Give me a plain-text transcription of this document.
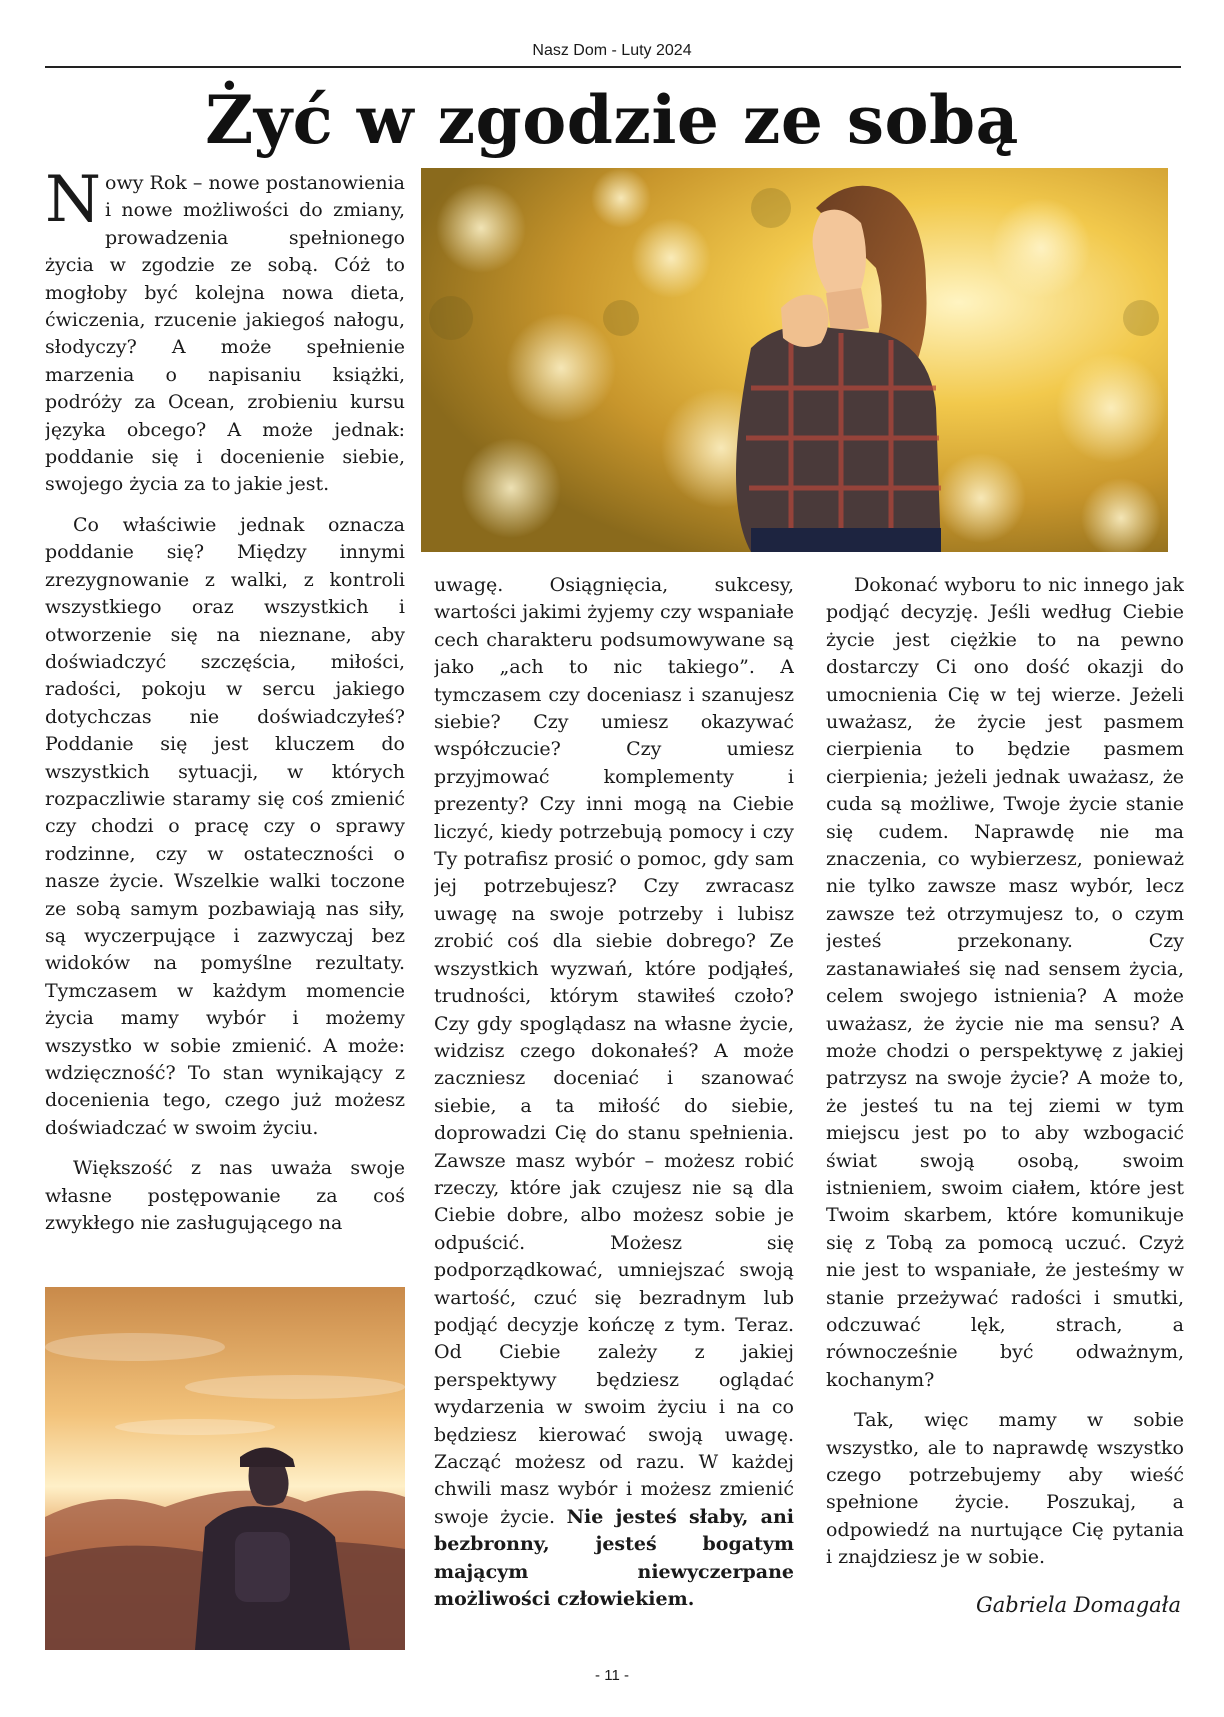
Nasz Dom - Luty 2024
Żyć w zgodzie ze sobą

Nowy Rok – nowe postanowienia i nowe możliwości do zmiany, prowadzenia spełnionego życia w zgodzie ze sobą. Cóż to mogłoby być kolejna nowa dieta, ćwiczenia, rzucenie jakiegoś nałogu, słodyczy? A może spełnienie marzenia o napisaniu książki, podróży za Ocean, zrobieniu kursu języka obcego? A może jednak: poddanie się i docenienie siebie, swojego życia za to jakie jest.

Co właściwie jednak oznacza poddanie się? Między innymi zrezygnowanie z walki, z kontroli wszystkiego oraz wszystkich i otworzenie się na nieznane, aby doświadczyć szczęścia, miłości, radości, pokoju w sercu jakiego dotychczas nie doświadczyłeś? Poddanie się jest kluczem do wszystkich sytuacji, w których rozpaczliwie staramy się coś zmienić czy chodzi o pracę czy o sprawy rodzinne, czy w ostateczności o nasze życie. Wszelkie walki toczone ze sobą samym pozbawiają nas siły, są wyczerpujące i zazwyczaj bez widoków na pomyślne rezultaty. Tymczasem w każdym momencie życia mamy wybór i możemy wszystko w sobie zmienić. A może: wdzięczność? To stan wynikający z docenienia tego, czego już możesz doświadczać w swoim życiu.

Większość z nas uważa swoje własne postępowanie za coś zwykłego nie zasługującego na

uwagę. Osiągnięcia, sukcesy, wartości jakimi żyjemy czy wspaniałe cech charakteru podsumowywane są jako „ach to nic takiego”. A tymczasem czy doceniasz i szanujesz siebie? Czy umiesz okazywać współczucie? Czy umiesz przyjmować komplementy i prezenty? Czy inni mogą na Ciebie liczyć, kiedy potrzebują pomocy i czy Ty potrafisz prosić o pomoc, gdy sam jej potrzebujesz? Czy zwracasz uwagę na swoje potrzeby i lubisz zrobić coś dla siebie dobrego? Ze wszystkich wyzwań, które podjąłeś, trudności, którym stawiłeś czoło? Czy gdy spoglądasz na własne życie, widzisz czego dokonałeś? A może zaczniesz doceniać i szanować siebie, a ta miłość do siebie, doprowadzi Cię do stanu spełnienia. Zawsze masz wybór – możesz robić rzeczy, które jak czujesz nie są dla Ciebie dobre, albo możesz sobie je odpuścić. Możesz się podporządkować, umniejszać swoją wartość, czuć się bezradnym lub podjąć decyzje kończę z tym. Teraz. Od Ciebie zależy z jakiej perspektywy będziesz oglądać wydarzenia w swoim życiu i na co będziesz kierować swoją uwagę. Zacząć możesz od razu. W każdej chwili masz wybór i możesz zmienić swoje życie. Nie jesteś słaby, ani bezbronny, jesteś bogatym mającym niewyczerpane możliwości człowiekiem.

Dokonać wyboru to nic innego jak podjąć decyzję. Jeśli według Ciebie życie jest ciężkie to na pewno dostarczy Ci ono dość okazji do umocnienia Cię w tej wierze. Jeżeli uważasz, że życie jest pasmem cierpienia to będzie pasmem cierpienia; jeżeli jednak uważasz, że cuda są możliwe, Twoje życie stanie się cudem. Naprawdę nie ma znaczenia, co wybierzesz, ponieważ nie tylko zawsze masz wybór, lecz zawsze też otrzymujesz to, o czym jesteś przekonany. Czy zastanawiałeś się nad sensem życia, celem swojego istnienia? A może uważasz, że życie nie ma sensu? A może chodzi o perspektywę z jakiej patrzysz na swoje życie? A może to, że jesteś tu na tej ziemi w tym miejscu jest po to aby wzbogacić świat swoją osobą, swoim istnieniem, swoim ciałem, które jest Twoim skarbem, które komunikuje się z Tobą za pomocą uczuć. Czyż nie jest to wspaniałe, że jesteśmy w stanie przeżywać radości i smutki, odczuwać lęk, strach, a równocześnie być odważnym, kochanym?

Tak, więc mamy w sobie wszystko, ale to naprawdę wszystko czego potrzebujemy aby wieść spełnione życie. Poszukaj, a odpowiedź na nurtujące Cię pytania i znajdziesz je w sobie.

Gabriela Domagała
- 11 -
